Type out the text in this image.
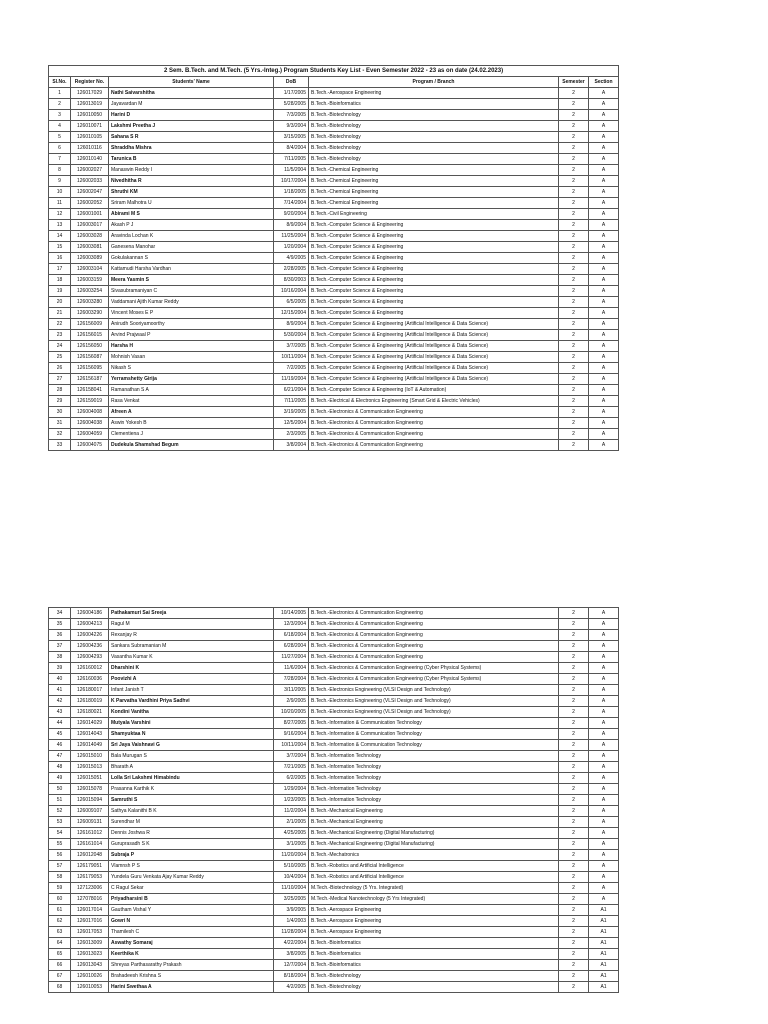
2 Sem. B.Tech. and M.Tech. (5 Yrs.-Integ.) Program Students Key List - Even Semester 2022 - 23 as on date (24.02.2023)						
Sl.No.	Register No.	Students' Name	DoB	Program / Branch	Semester	Section
1	126017029	Nathi Saivarshitha	1/17/2005	B.Tech.-Aerospace Engineering	2	A
2	126013019	Jayavardan M	5/28/2005	B.Tech.-Bioinformatics	2	A
3	126010050	Harini D	7/3/2005	B.Tech.-Biotechnology	2	A
4	126010071	Lakshmi Preetha J	9/3/2004	B.Tech.-Biotechnology	2	A
5	126010105	Sahana S R	3/15/2005	B.Tech.-Biotechnology	2	A
6	126010116	Shraddha Mishra	8/4/2004	B.Tech.-Biotechnology	2	A
7	126010140	Tarunica B	7/11/2005	B.Tech.-Biotechnology	2	A
8	126002027	Manaswin Reddy I	11/5/2004	B.Tech.-Chemical Engineering	2	A
9	126002033	Nivedhitha R	10/17/2004	B.Tech.-Chemical Engineering	2	A
10	126002047	Shruthi KM	1/18/2005	B.Tech.-Chemical Engineering	2	A
11	126002052	Sriram Malhotra U	7/14/2004	B.Tech.-Chemical Engineering	2	A
12	126001001	Abirami M S	9/20/2004	B.Tech.-Civil Engineering	2	A
13	126003017	Akash P J	8/9/2004	B.Tech.-Computer Science & Engineering	2	A
14	126003028	Aravinda Lochan K	11/25/2004	B.Tech.-Computer Science & Engineering	2	A
15	126003081	Ganesena Manohar	1/20/2004	B.Tech.-Computer Science & Engineering	2	A
16	126003089	Gokulakannan S	4/9/2005	B.Tech.-Computer Science & Engineering	2	A
17	126003104	Kattamudi Harsha Vardhan	2/28/2005	B.Tech.-Computer Science & Engineering	2	A
18	126003159	Meera Yasmin S	8/30/2003	B.Tech.-Computer Science & Engineering	2	A
19	126003254	Sivasubramaniyan C	10/16/2004	B.Tech.-Computer Science & Engineering	2	A
20	126003280	Vaddamani Ajith Kumar Reddy	6/5/2005	B.Tech.-Computer Science & Engineering	2	A
21	126003290	Vincent Moses E P	12/15/2004	B.Tech.-Computer Science & Engineering	2	A
22	126156009	Anirudh Sooriyamoorthy	8/9/2004	B.Tech.-Computer Science & Engineering (Artificial Intelligence & Data Science)	2	A
23	126156015	Arvind Prajwaal P	5/30/2004	B.Tech.-Computer Science & Engineering (Artificial Intelligence & Data Science)	2	A
24	126156050	Harsha H	3/7/2005	B.Tech.-Computer Science & Engineering (Artificial Intelligence & Data Science)	2	A
25	126156087	Mohnish Vasan	10/11/2004	B.Tech.-Computer Science & Engineering (Artificial Intelligence & Data Science)	2	A
26	126156095	Nikash S	7/2/2005	B.Tech.-Computer Science & Engineering (Artificial Intelligence & Data Science)	2	A
27	126156187	Yerramshetty Girija	11/19/2004	B.Tech.-Computer Science & Engineering (Artificial Intelligence & Data Science)	2	A
28	126158041	Ramanathan S A	6/21/2004	B.Tech.-Computer Science & Engineering (IoT & Automation)	2	A
29	126159019	Rasa Venkat	7/11/2005	B.Tech.-Electrical & Electronics Engineering (Smart Grid & Electric Vehicles)	2	A
30	126004008	Afreen A	3/19/2005	B.Tech.-Electronics & Communication Engineering	2	A
31	126004038	Aswin Yokesh B	12/5/2004	B.Tech.-Electronics & Communication Engineering	2	A
32	126004059	Clementiena J	2/3/2005	B.Tech.-Electronics & Communication Engineering	2	A
33	126004075	Dudekula Shamshad Begum	3/8/2004	B.Tech.-Electronics & Communication Engineering	2	A
34	126004186	Pathakamuri Sai Sreeja	10/14/2005	B.Tech.-Electronics & Communication Engineering	2	A
35	126004213	Ragul M	12/3/2004	B.Tech.-Electronics & Communication Engineering	2	A
36	126004226	Rexanjay R	6/18/2004	B.Tech.-Electronics & Communication Engineering	2	A
37	126004236	Sankara Subramanian M	6/28/2004	B.Tech.-Electronics & Communication Engineering	2	A
38	126004293	Vasantha Kumar K	11/27/2004	B.Tech.-Electronics & Communication Engineering	2	A
39	126160012	Dharshini K	11/6/2004	B.Tech.-Electronics & Communication Engineering (Cyber Physical Systems)	2	A
40	126160036	Poovizhi A	7/28/2004	B.Tech.-Electronics & Communication Engineering (Cyber Physical Systems)	2	A
41	126180017	Infant Janish T	3/11/2005	B.Tech.-Electronics Engineering (VLSI Design and Technology)	2	A
42	126180019	K Parvatha Vardhini Priya Sadhvi	2/9/2005	B.Tech.-Electronics Engineering (VLSI Design and Technology)	2	A
43	126180021	Kondini Vanitha	10/20/2005	B.Tech.-Electronics Engineering (VLSI Design and Technology)	2	A
44	126014029	Mutyala Varshini	8/27/2005	B.Tech.-Information & Communication Technology	2	A
45	126014043	Shamyuktaa N	9/16/2004	B.Tech.-Information & Communication Technology	2	A
46	126014049	Sri Jaya Vaishnavi G	10/11/2004	B.Tech.-Information & Communication Technology	2	A
47	126015010	Bala Murugan S	3/7/2004	B.Tech.-Information Technology	2	A
48	126015013	Bharath A	7/21/2005	B.Tech.-Information Technology	2	A
49	126015051	Lolla Sri Lakshmi Himabindu	6/2/2005	B.Tech.-Information Technology	2	A
50	126015078	Prasanna Karthik K	1/29/2004	B.Tech.-Information Technology	2	A
51	126015094	Samruthi S	1/23/2005	B.Tech.-Information Technology	2	A
52	126009107	Sathya Kalanithi B K	11/2/2004	B.Tech.-Mechanical Engineering	2	A
53	126009131	Surendhar M	2/1/2005	B.Tech.-Mechanical Engineering	2	A
54	126161012	Dennis Joshwa R	4/25/2005	B.Tech.-Mechanical Engineering (Digital Manufacturing)	2	A
55	126161014	Guruprasadh S K	3/1/2005	B.Tech.-Mechanical Engineering (Digital Manufacturing)	2	A
56	126012048	Subraja P	11/20/2004	B.Tech.-Mechatronics	2	A
57	126179051	Vlamnsh P S	5/10/2005	B.Tech.-Robotics and Artificial Intelligence	2	A
58	126179053	Yundela Guru Venkata Ajay Kumar Reddy	10/4/2004	B.Tech.-Robotics and Artificial Intelligence	2	A
59	127123006	C Ragul Sekar	11/10/2004	M.Tech.-Biotechnology (5 Yrs. Integrated)	2	A
60	127078016	Priyadharsini B	3/25/2005	M.Tech.-Medical Nanotechnology (5 Yrs Integrated)	2	A
61	126017014	Gautham Vishal Y	3/9/2005	B.Tech.-Aerospace Engineering	2	A1
62	126017016	Gowri N	1/4/2003	B.Tech.-Aerospace Engineering	2	A1
63	126017053	Thamilesh C	11/28/2004	B.Tech.-Aerospace Engineering	2	A1
64	126013009	Aswathy Somaraj	4/22/2004	B.Tech.-Bioinformatics	2	A1
65	126013023	Keerthika K	3/8/2005	B.Tech.-Bioinformatics	2	A1
66	126013043	Shreyas Parthasarathy Prakash	12/7/2004	B.Tech.-Bioinformatics	2	A1
67	126010026	Brahadeesh Krishna S	8/18/2004	B.Tech.-Biotechnology	2	A1
68	126010053	Harini Swethaa A	4/2/2005	B.Tech.-Biotechnology	2	A1
